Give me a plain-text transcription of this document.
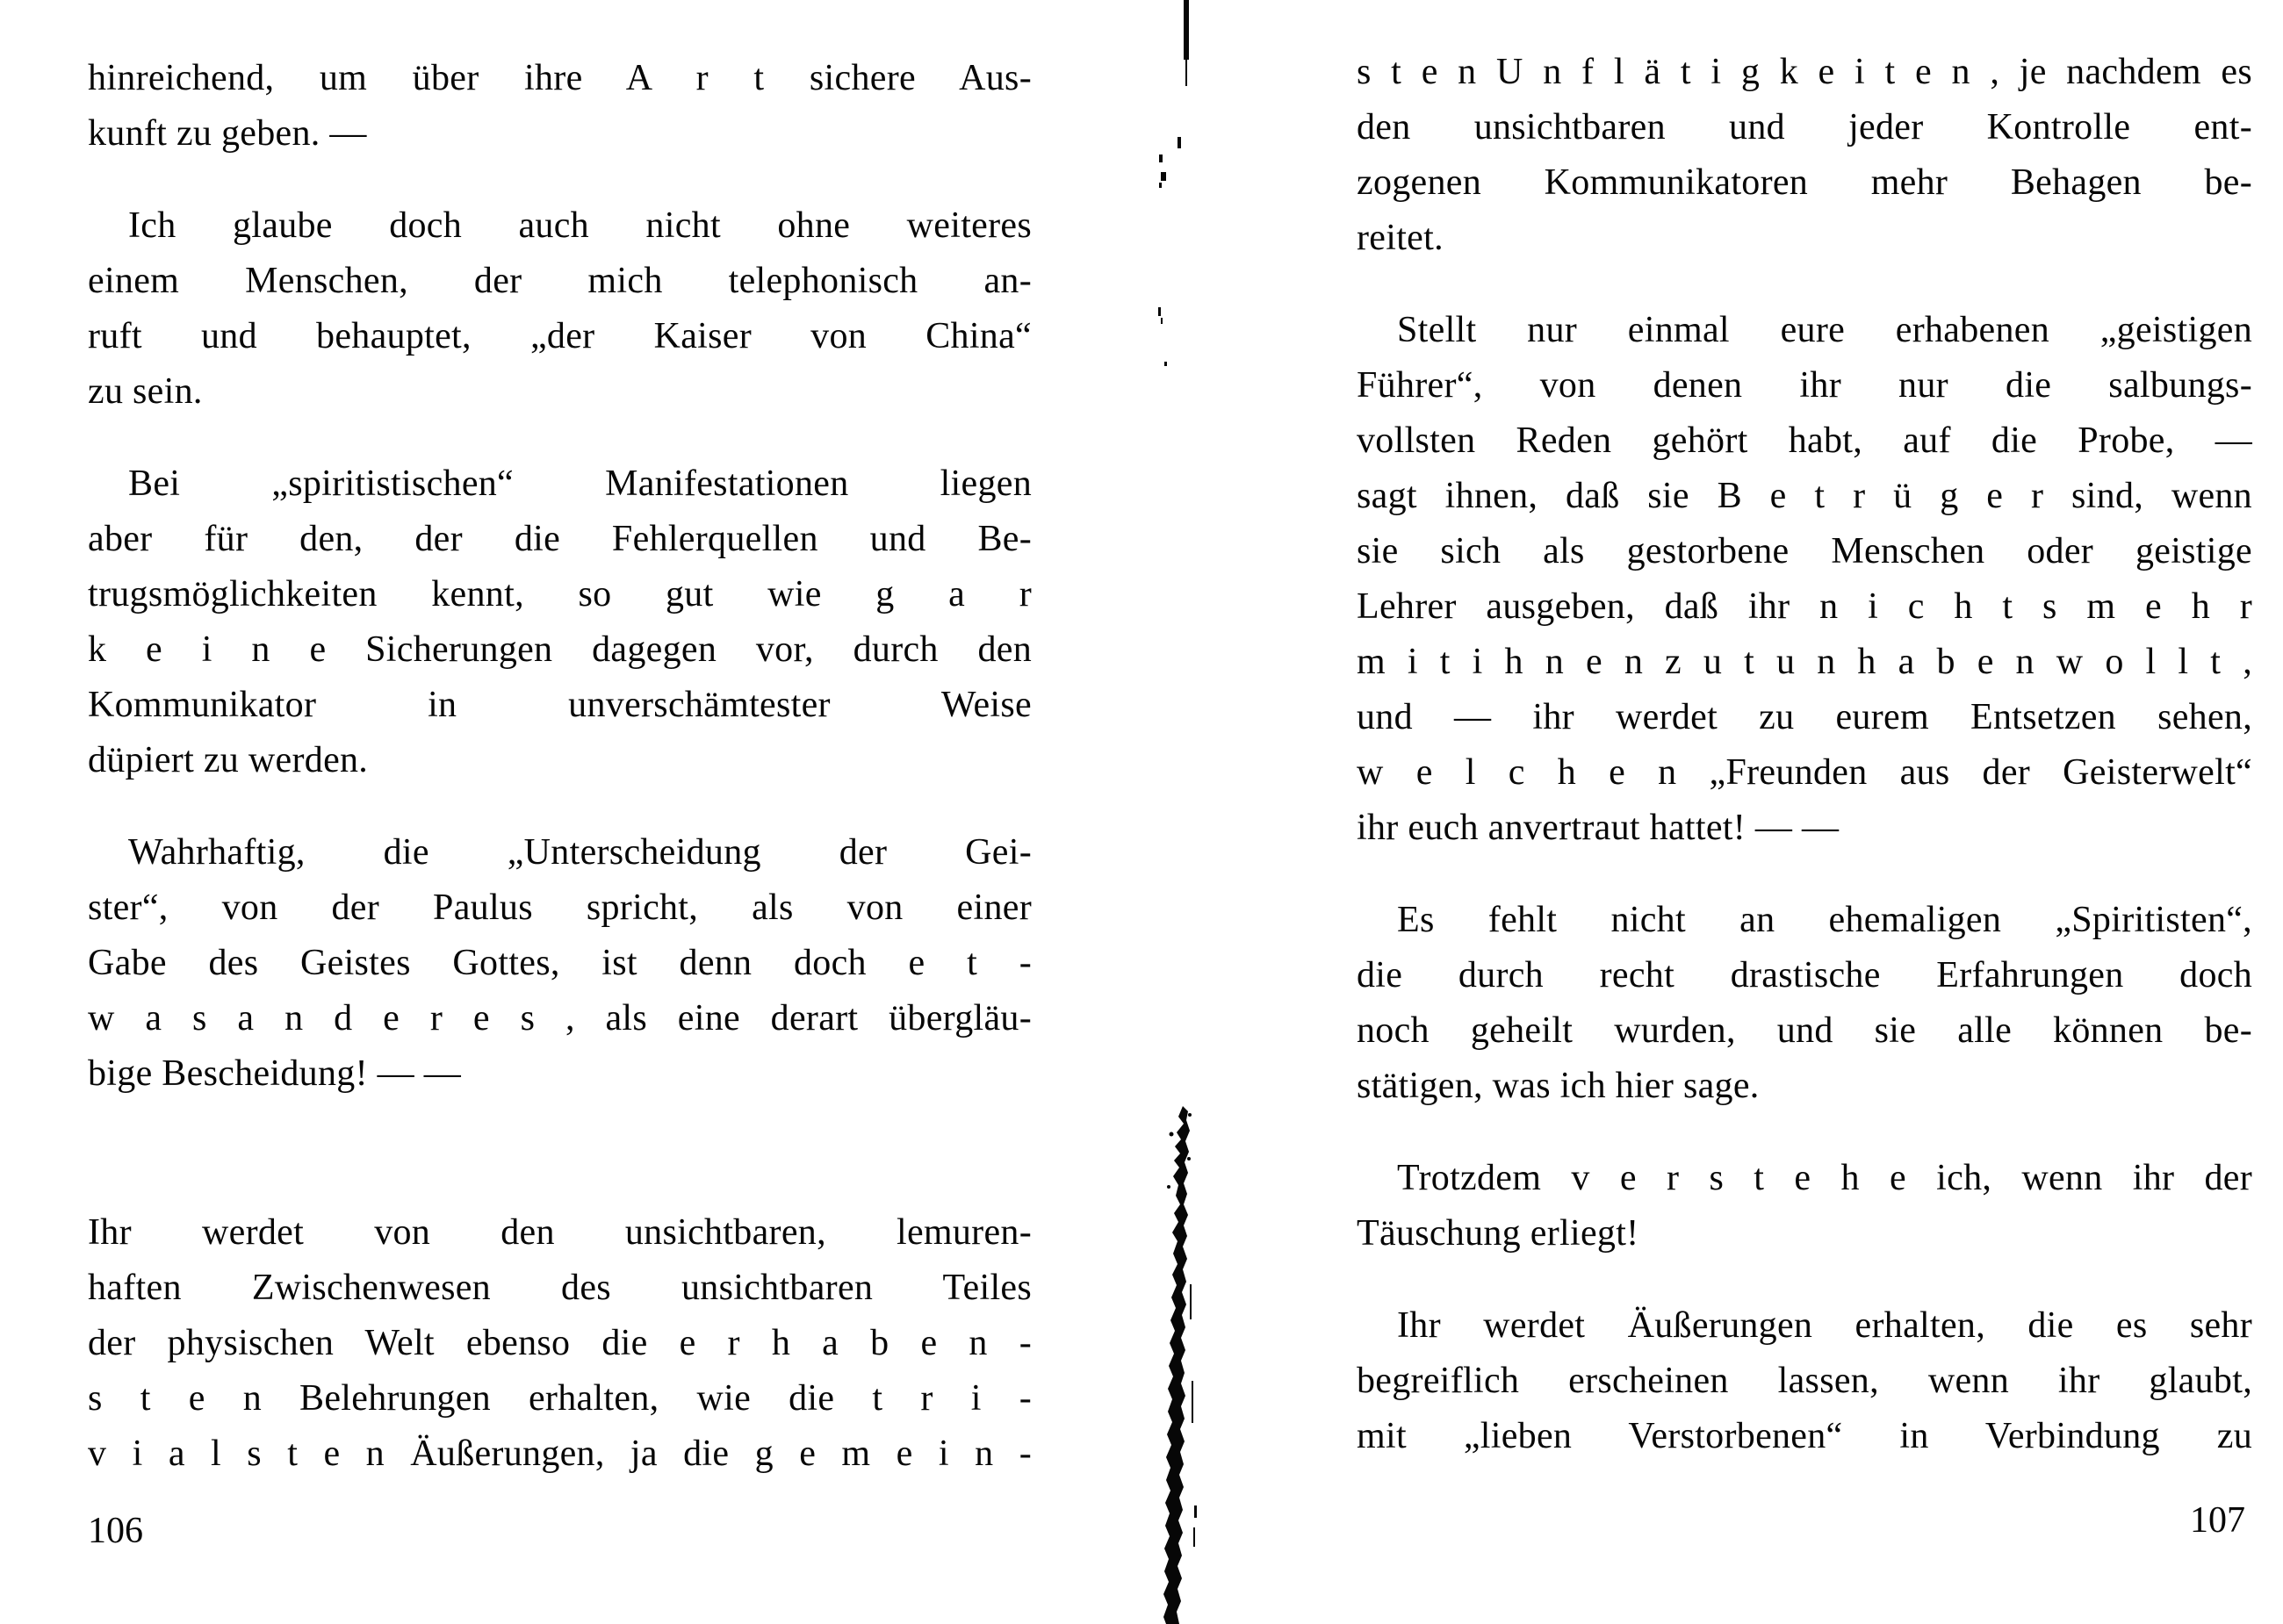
hinreichend, um über ihre A r t sichere Aus-
kunft zu geben. —
Ich glaube doch auch nicht ohne weiteres
einem Menschen, der mich telephonisch an-
ruft und behauptet, „der Kaiser von China“
zu sein.
Bei „spiritistischen“ Manifestationen liegen
aber für den, der die Fehlerquellen und Be-
trugsmöglichkeiten kennt, so gut wie g a r
k e i n e Sicherungen dagegen vor, durch den
Kommunikator in unverschämtester Weise
düpiert zu werden.
Wahrhaftig, die „Unterscheidung der Gei-
ster“, von der Paulus spricht, als von einer
Gabe des Geistes Gottes, ist denn doch e t -
w a s a n d e r e s , als eine derart übergläu-
bige Bescheidung! — —
Ihr werdet von den unsichtbaren, lemuren-
haften Zwischenwesen des unsichtbaren Teiles
der physischen Welt ebenso die e r h a b e n -
s t e n Belehrungen erhalten, wie die t r i -
v i a l s t e n Äußerungen, ja die g e m e i n -
106
s t e n U n f l ä t i g k e i t e n , je nachdem es
den unsichtbaren und jeder Kontrolle ent-
zogenen Kommunikatoren mehr Behagen be-
reitet.
Stellt nur einmal eure erhabenen „geistigen
Führer“, von denen ihr nur die salbungs-
vollsten Reden gehört habt, auf die Probe, —
sagt ihnen, daß sie B e t r ü g e r sind, wenn
sie sich als gestorbene Menschen oder geistige
Lehrer ausgeben, daß ihr n i c h t s m e h r
m i t i h n e n z u t u n h a b e n w o l l t ,
und — ihr werdet zu eurem Entsetzen sehen,
w e l c h e n „Freunden aus der Geisterwelt“
ihr euch anvertraut hattet! — —
Es fehlt nicht an ehemaligen „Spiritisten“,
die durch recht drastische Erfahrungen doch
noch geheilt wurden, und sie alle können be-
stätigen, was ich hier sage.
Trotzdem v e r s t e h e ich, wenn ihr der
Täuschung erliegt!
Ihr werdet Äußerungen erhalten, die es sehr
begreiflich erscheinen lassen, wenn ihr glaubt,
mit „lieben Verstorbenen“ in Verbindung zu
107
